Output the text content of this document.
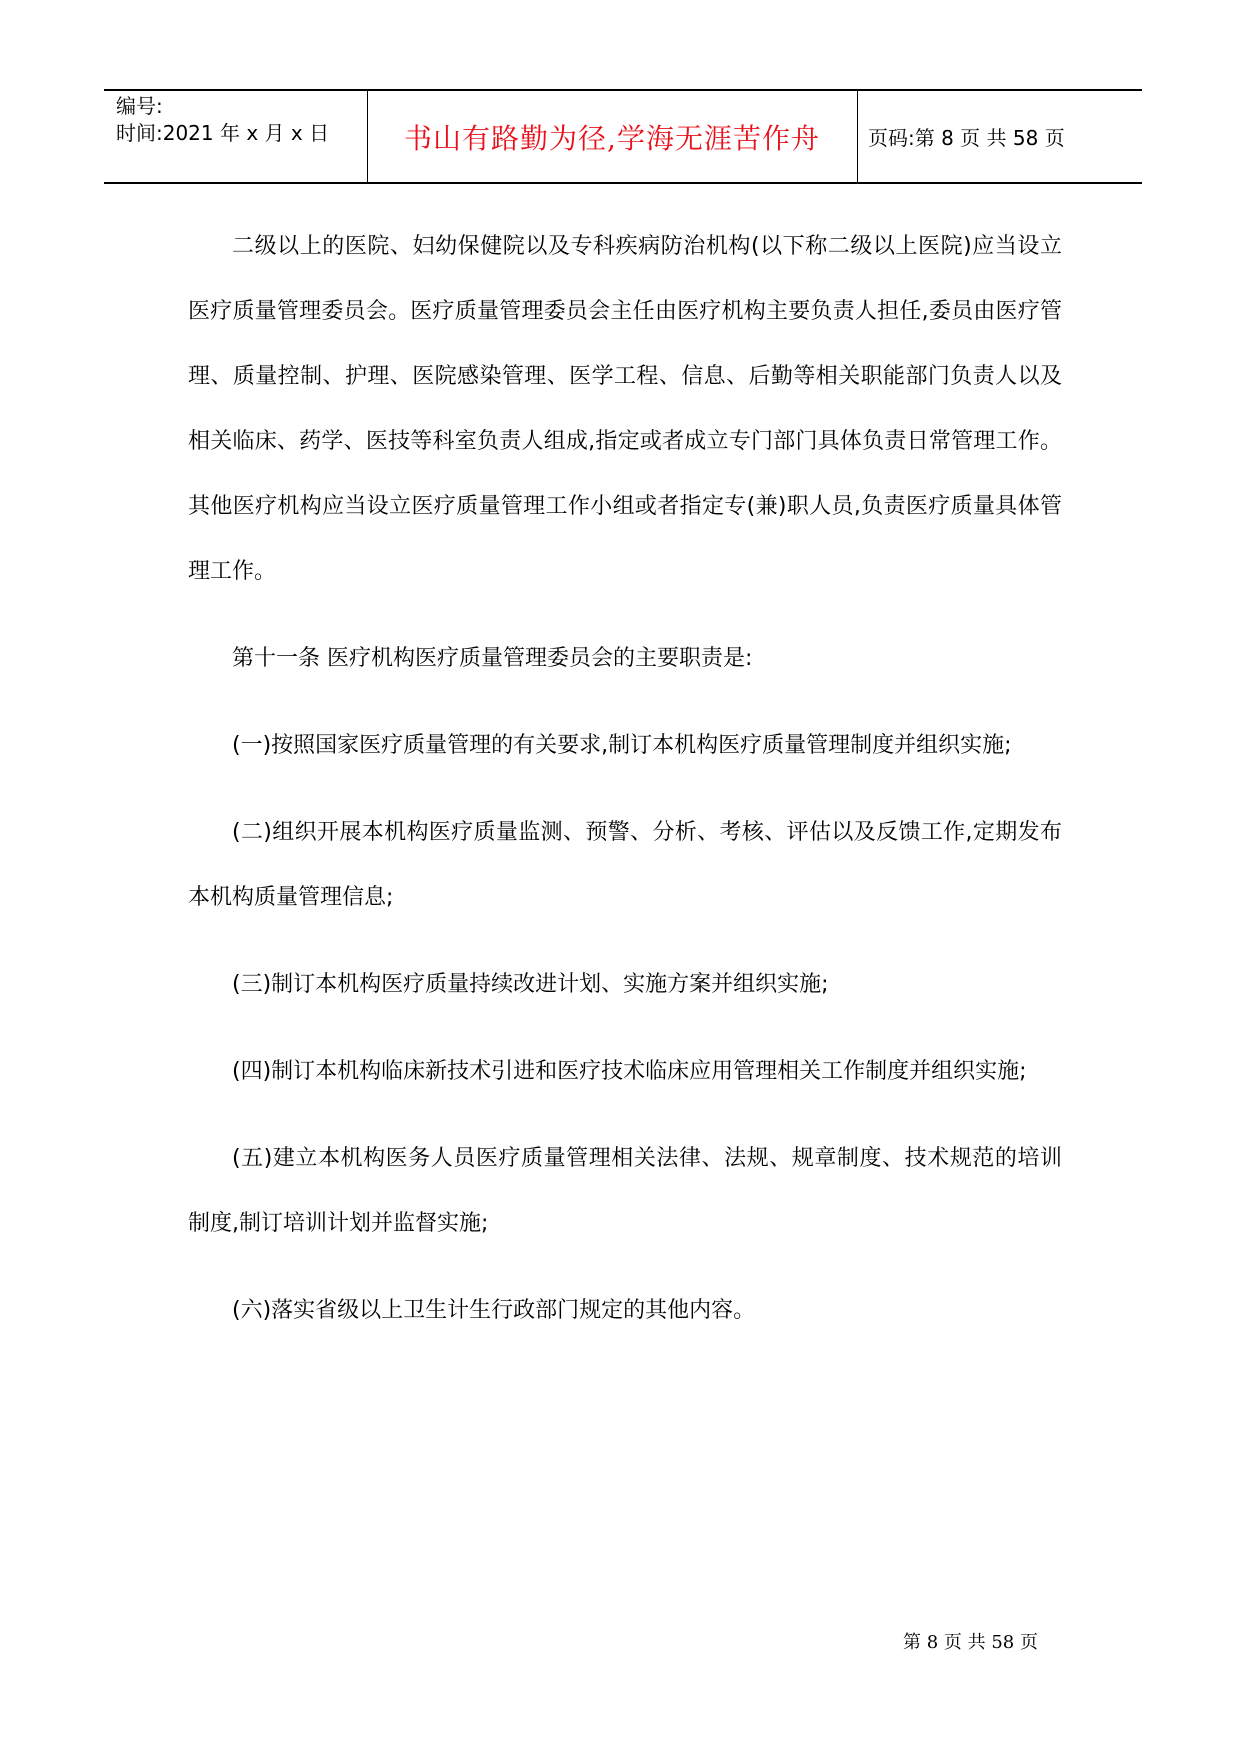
编号:
时间:2021 年 x 月 x 日	书山有路勤为径,学海无涯苦作舟	页码:第 8 页 共 58 页

二级以上的医院、妇幼保健院以及专科疾病防治机构(以下称二级以上医院)应当设立医疗质量管理委员会。医疗质量管理委员会主任由医疗机构主要负责人担任,委员由医疗管理、质量控制、护理、医院感染管理、医学工程、信息、后勤等相关职能部门负责人以及相关临床、药学、医技等科室负责人组成,指定或者成立专门部门具体负责日常管理工作。 其他医疗机构应当设立医疗质量管理工作小组或者指定专(兼)职人员,负责医疗质量具体管理工作。

第十一条 医疗机构医疗质量管理委员会的主要职责是:

(一)按照国家医疗质量管理的有关要求,制订本机构医疗质量管理制度并组织实施;

(二)组织开展本机构医疗质量监测、预警、分析、考核、评估以及反馈工作,定期发布本机构质量管理信息;

(三)制订本机构医疗质量持续改进计划、实施方案并组织实施;

(四)制订本机构临床新技术引进和医疗技术临床应用管理相关工作制度并组织实施;

(五)建立本机构医务人员医疗质量管理相关法律、法规、规章制度、技术规范的培训制度,制订培训计划并监督实施;

(六)落实省级以上卫生计生行政部门规定的其他内容。

第 8 页 共 58 页
